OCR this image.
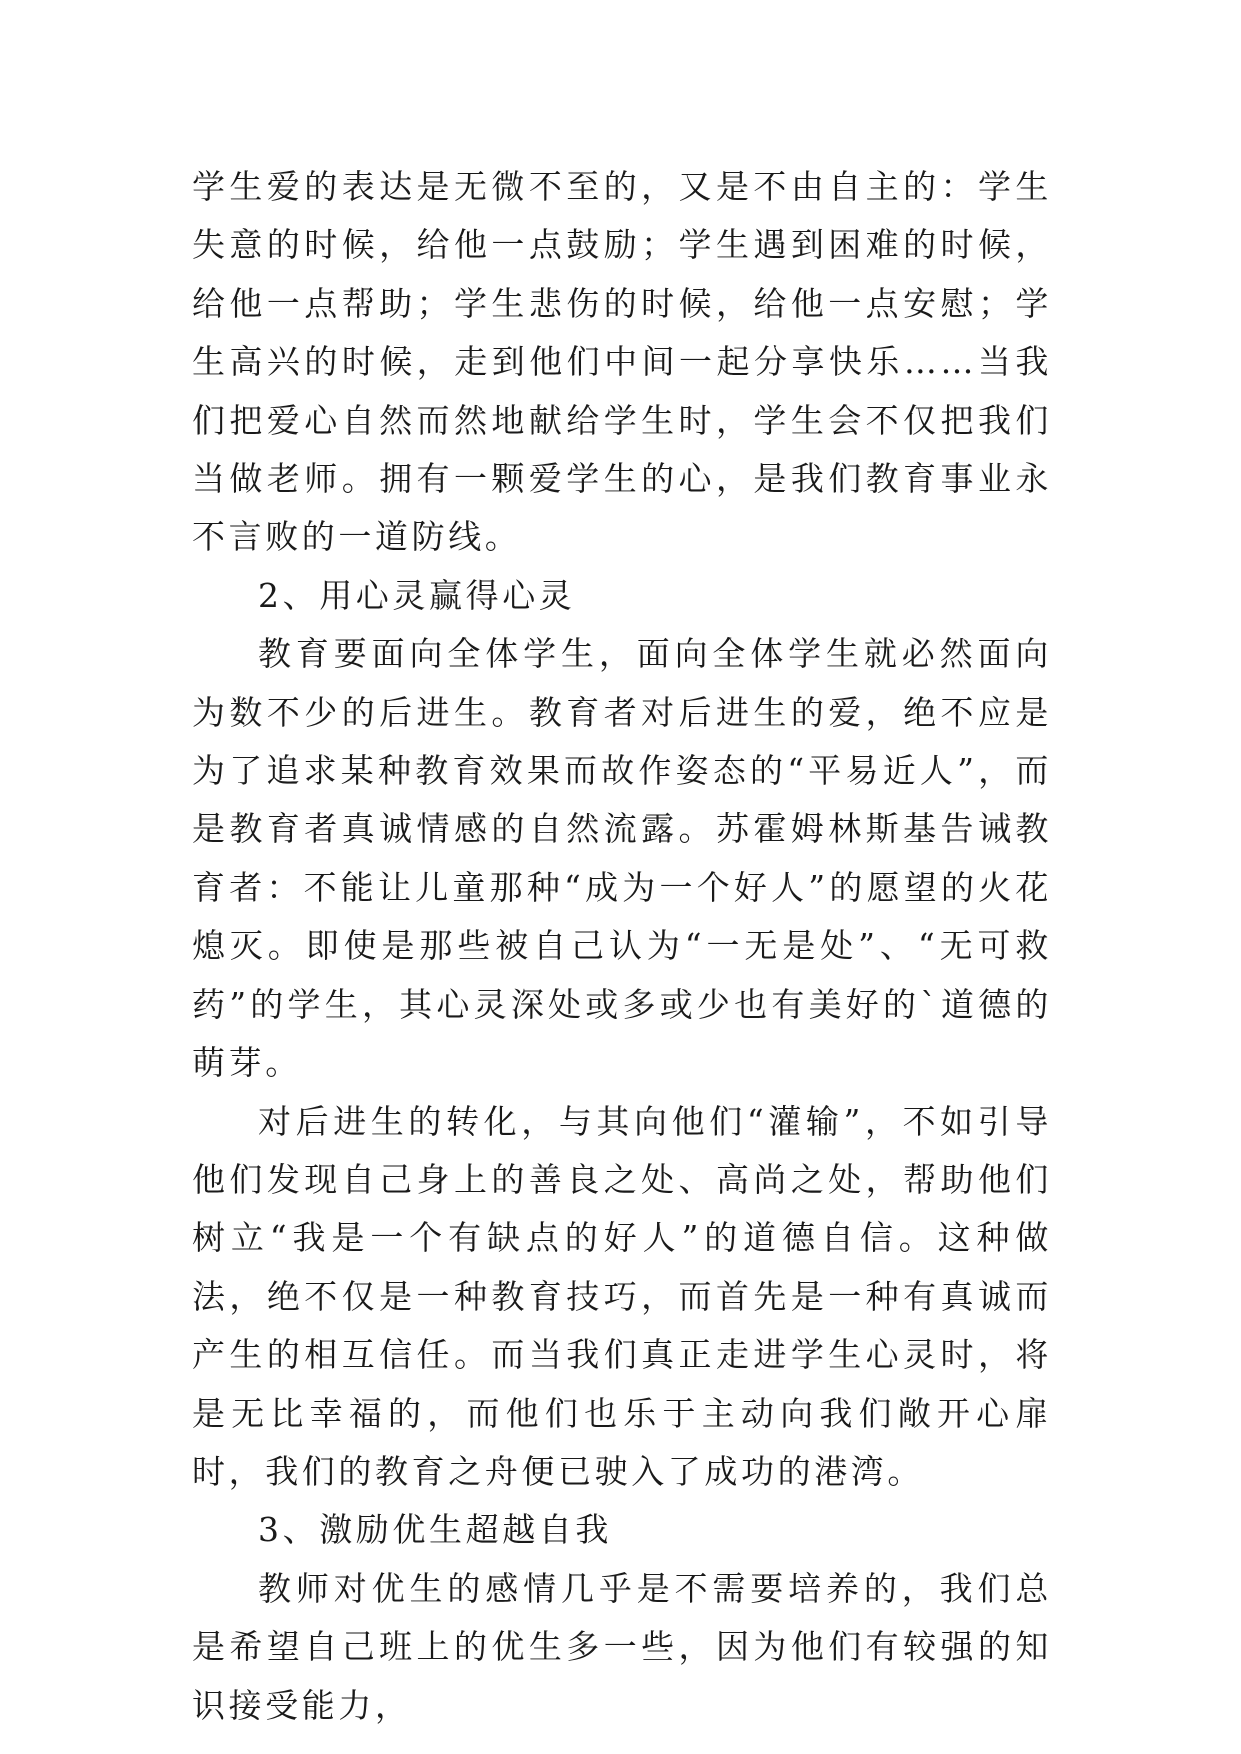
学生爱的表达是无微不至的，又是不由自主的：学生失意的时候，给他一点鼓励；学生遇到困难的时候，给他一点帮助；学生悲伤的时候，给他一点安慰；学生高兴的时候，走到他们中间一起分享快乐……当我们把爱心自然而然地献给学生时，学生会不仅把我们当做老师。拥有一颗爱学生的心，是我们教育事业永不言败的一道防线。

2、用心灵赢得心灵

教育要面向全体学生，面向全体学生就必然面向为数不少的后进生。教育者对后进生的爱，绝不应是为了追求某种教育效果而故作姿态的“平易近人”，而是教育者真诚情感的自然流露。苏霍姆林斯基告诫教育者：不能让儿童那种“成为一个好人”的愿望的火花熄灭。即使是那些被自己认为“一无是处”、“无可救药”的学生，其心灵深处或多或少也有美好的`道德的萌芽。

对后进生的转化，与其向他们“灌输”，不如引导他们发现自己身上的善良之处、高尚之处，帮助他们树立“我是一个有缺点的好人”的道德自信。这种做法，绝不仅是一种教育技巧，而首先是一种有真诚而产生的相互信任。而当我们真正走进学生心灵时，将是无比幸福的，而他们也乐于主动向我们敞开心扉时，我们的教育之舟便已驶入了成功的港湾。

3、激励优生超越自我

教师对优生的感情几乎是不需要培养的，我们总是希望自己班上的优生多一些，因为他们有较强的知识接受能力，
